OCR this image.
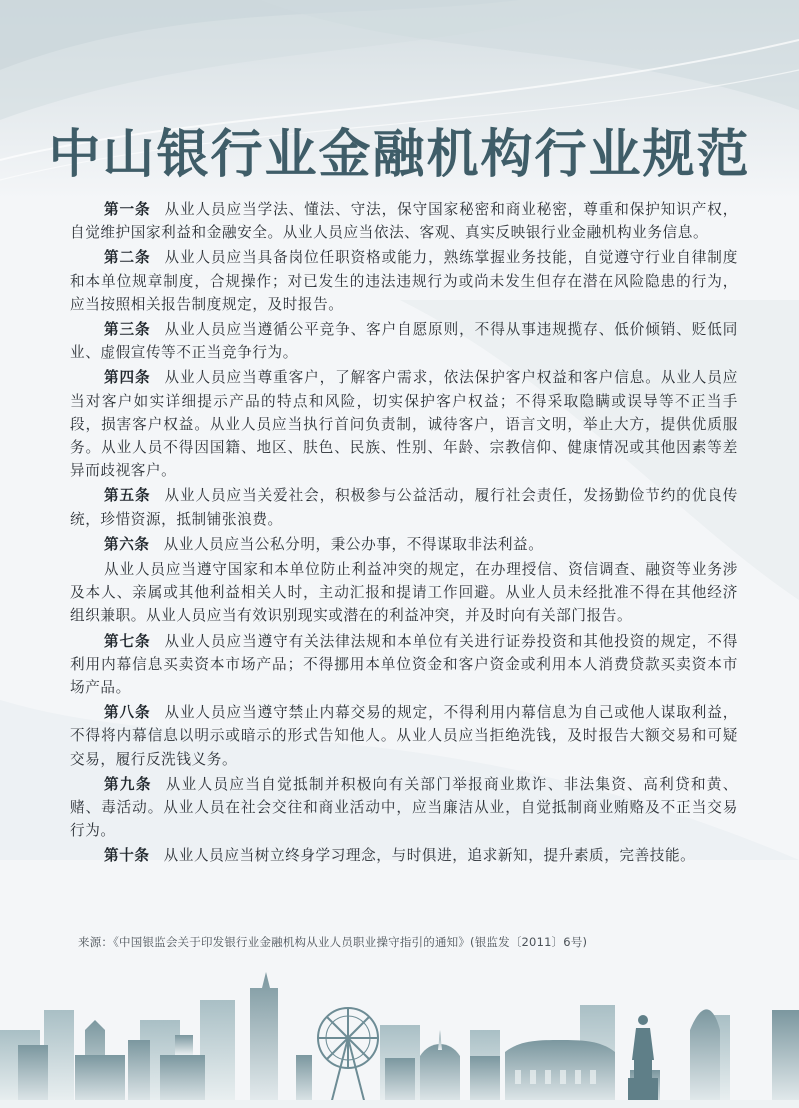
中山银行业金融机构行业规范

第一条 从业人员应当学法、懂法、守法，保守国家秘密和商业秘密，尊重和保护知识产权，自觉维护国家利益和金融安全。从业人员应当依法、客观、真实反映银行业金融机构业务信息。

第二条 从业人员应当具备岗位任职资格或能力，熟练掌握业务技能，自觉遵守行业自律制度和本单位规章制度，合规操作；对已发生的违法违规行为或尚未发生但存在潜在风险隐患的行为，应当按照相关报告制度规定，及时报告。

第三条 从业人员应当遵循公平竞争、客户自愿原则，不得从事违规揽存、低价倾销、贬低同业、虚假宣传等不正当竞争行为。

第四条 从业人员应当尊重客户，了解客户需求，依法保护客户权益和客户信息。从业人员应当对客户如实详细提示产品的特点和风险，切实保护客户权益；不得采取隐瞒或误导等不正当手段，损害客户权益。从业人员应当执行首问负责制，诚待客户，语言文明，举止大方，提供优质服务。从业人员不得因国籍、地区、肤色、民族、性别、年龄、宗教信仰、健康情况或其他因素等差异而歧视客户。

第五条 从业人员应当关爱社会，积极参与公益活动，履行社会责任，发扬勤俭节约的优良传统，珍惜资源，抵制铺张浪费。

第六条 从业人员应当公私分明，秉公办事，不得谋取非法利益。

从业人员应当遵守国家和本单位防止利益冲突的规定，在办理授信、资信调查、融资等业务涉及本人、亲属或其他利益相关人时，主动汇报和提请工作回避。从业人员未经批准不得在其他经济组织兼职。从业人员应当有效识别现实或潜在的利益冲突，并及时向有关部门报告。

第七条 从业人员应当遵守有关法律法规和本单位有关进行证券投资和其他投资的规定，不得利用内幕信息买卖资本市场产品；不得挪用本单位资金和客户资金或利用本人消费贷款买卖资本市场产品。

第八条 从业人员应当遵守禁止内幕交易的规定，不得利用内幕信息为自己或他人谋取利益，不得将内幕信息以明示或暗示的形式告知他人。从业人员应当拒绝洗钱，及时报告大额交易和可疑交易，履行反洗钱义务。

第九条 从业人员应当自觉抵制并积极向有关部门举报商业欺诈、非法集资、高利贷和黄、赌、毒活动。从业人员在社会交往和商业活动中，应当廉洁从业，自觉抵制商业贿赂及不正当交易行为。

第十条 从业人员应当树立终身学习理念，与时俱进，追求新知，提升素质，完善技能。

来源：《中国银监会关于印发银行业金融机构从业人员职业操守指引的通知》(银监发〔2011〕6号)
